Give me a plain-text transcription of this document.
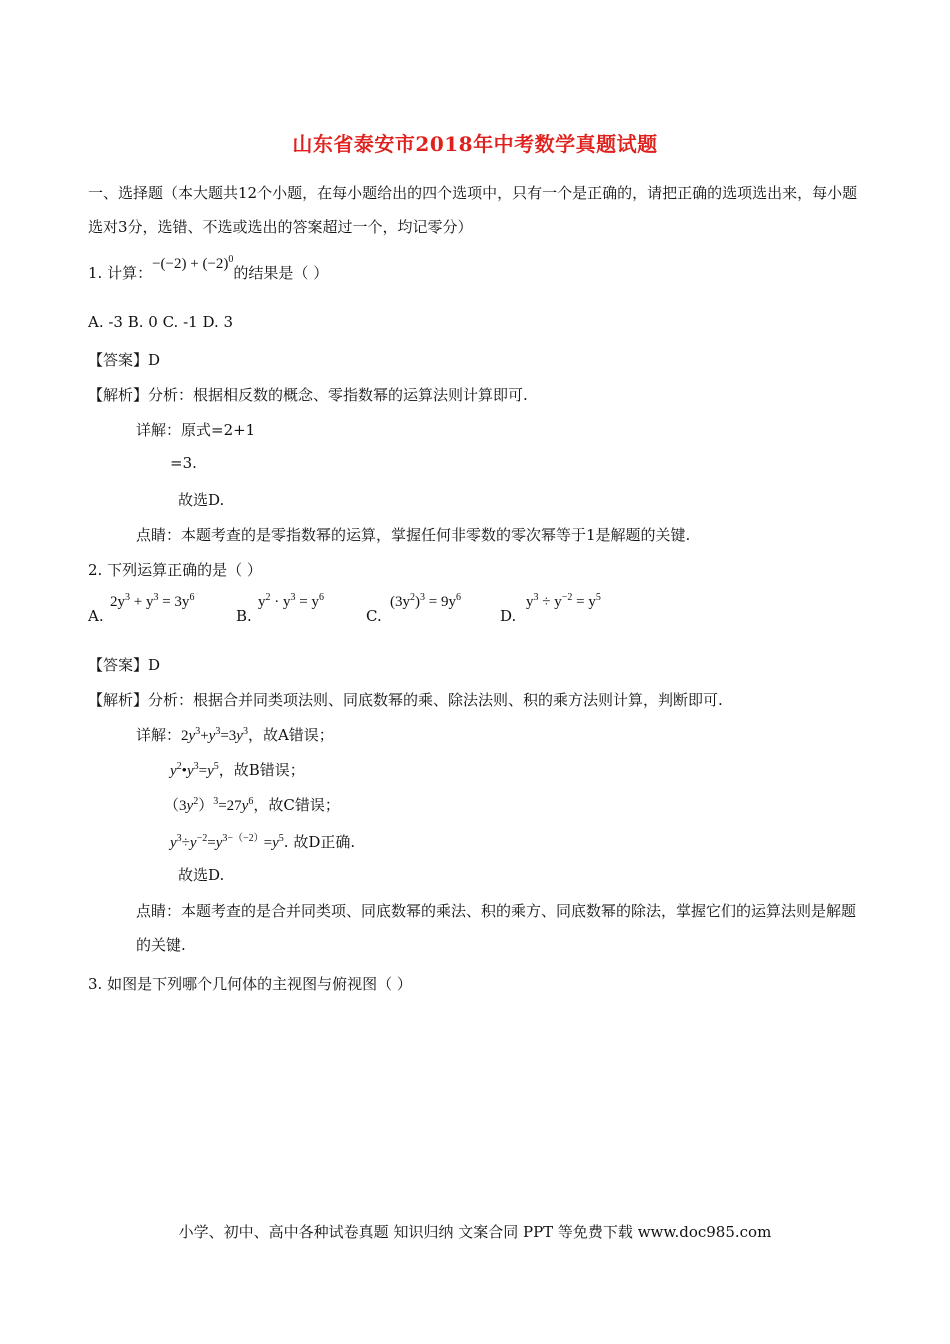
山东省泰安市2018年中考数学真题试题
一、选择题（本大题共12个小题，在每小题给出的四个选项中，只有一个是正确的，请把正确的选项选出来，每小题选对3分，选错、不选或选出的答案超过一个，均记零分）
1. 计算：$-(-2) + (-2)^0$的结果是（ ）
A. -3 B. 0 C. -1 D. 3
【答案】D
【解析】分析：根据相反数的概念、零指数幂的运算法则计算即可.
详解：原式=2+1
=3.
故选D.
点睛：本题考查的是零指数幂的运算，掌握任何非零数的零次幂等于1是解题的关键.
2. 下列运算正确的是（ ）
A.
$2y^3 + y^3 = 3y^6$
B.
$y^2 \cdot y^3 = y^6$
C.
$(3y^2)^3 = 9y^6$
D.
$y^3 \div y^{-2} = y^5$
【答案】D
【解析】分析：根据合并同类项法则、同底数幂的乘、除法法则、积的乘方法则计算，判断即可.
详解：$2y^3+y^3=3y^3$，故A错误；
$y^2•y^3=y^5$，故B错误；
$(3y^2)^3=27y^6$，故C错误；
$y^3\div y^{-2}=y^{3-(-2)}=y^5$. 故D正确.
故选D.
点睛：本题考查的是合并同类项、同底数幂的乘法、积的乘方、同底数幂的除法，掌握它们的运算法则是解题的关键.
3. 如图是下列哪个几何体的主视图与俯视图（ ）
小学、初中、高中各种试卷真题 知识归纳 文案合同 PPT 等免费下载 www.doc985.com
